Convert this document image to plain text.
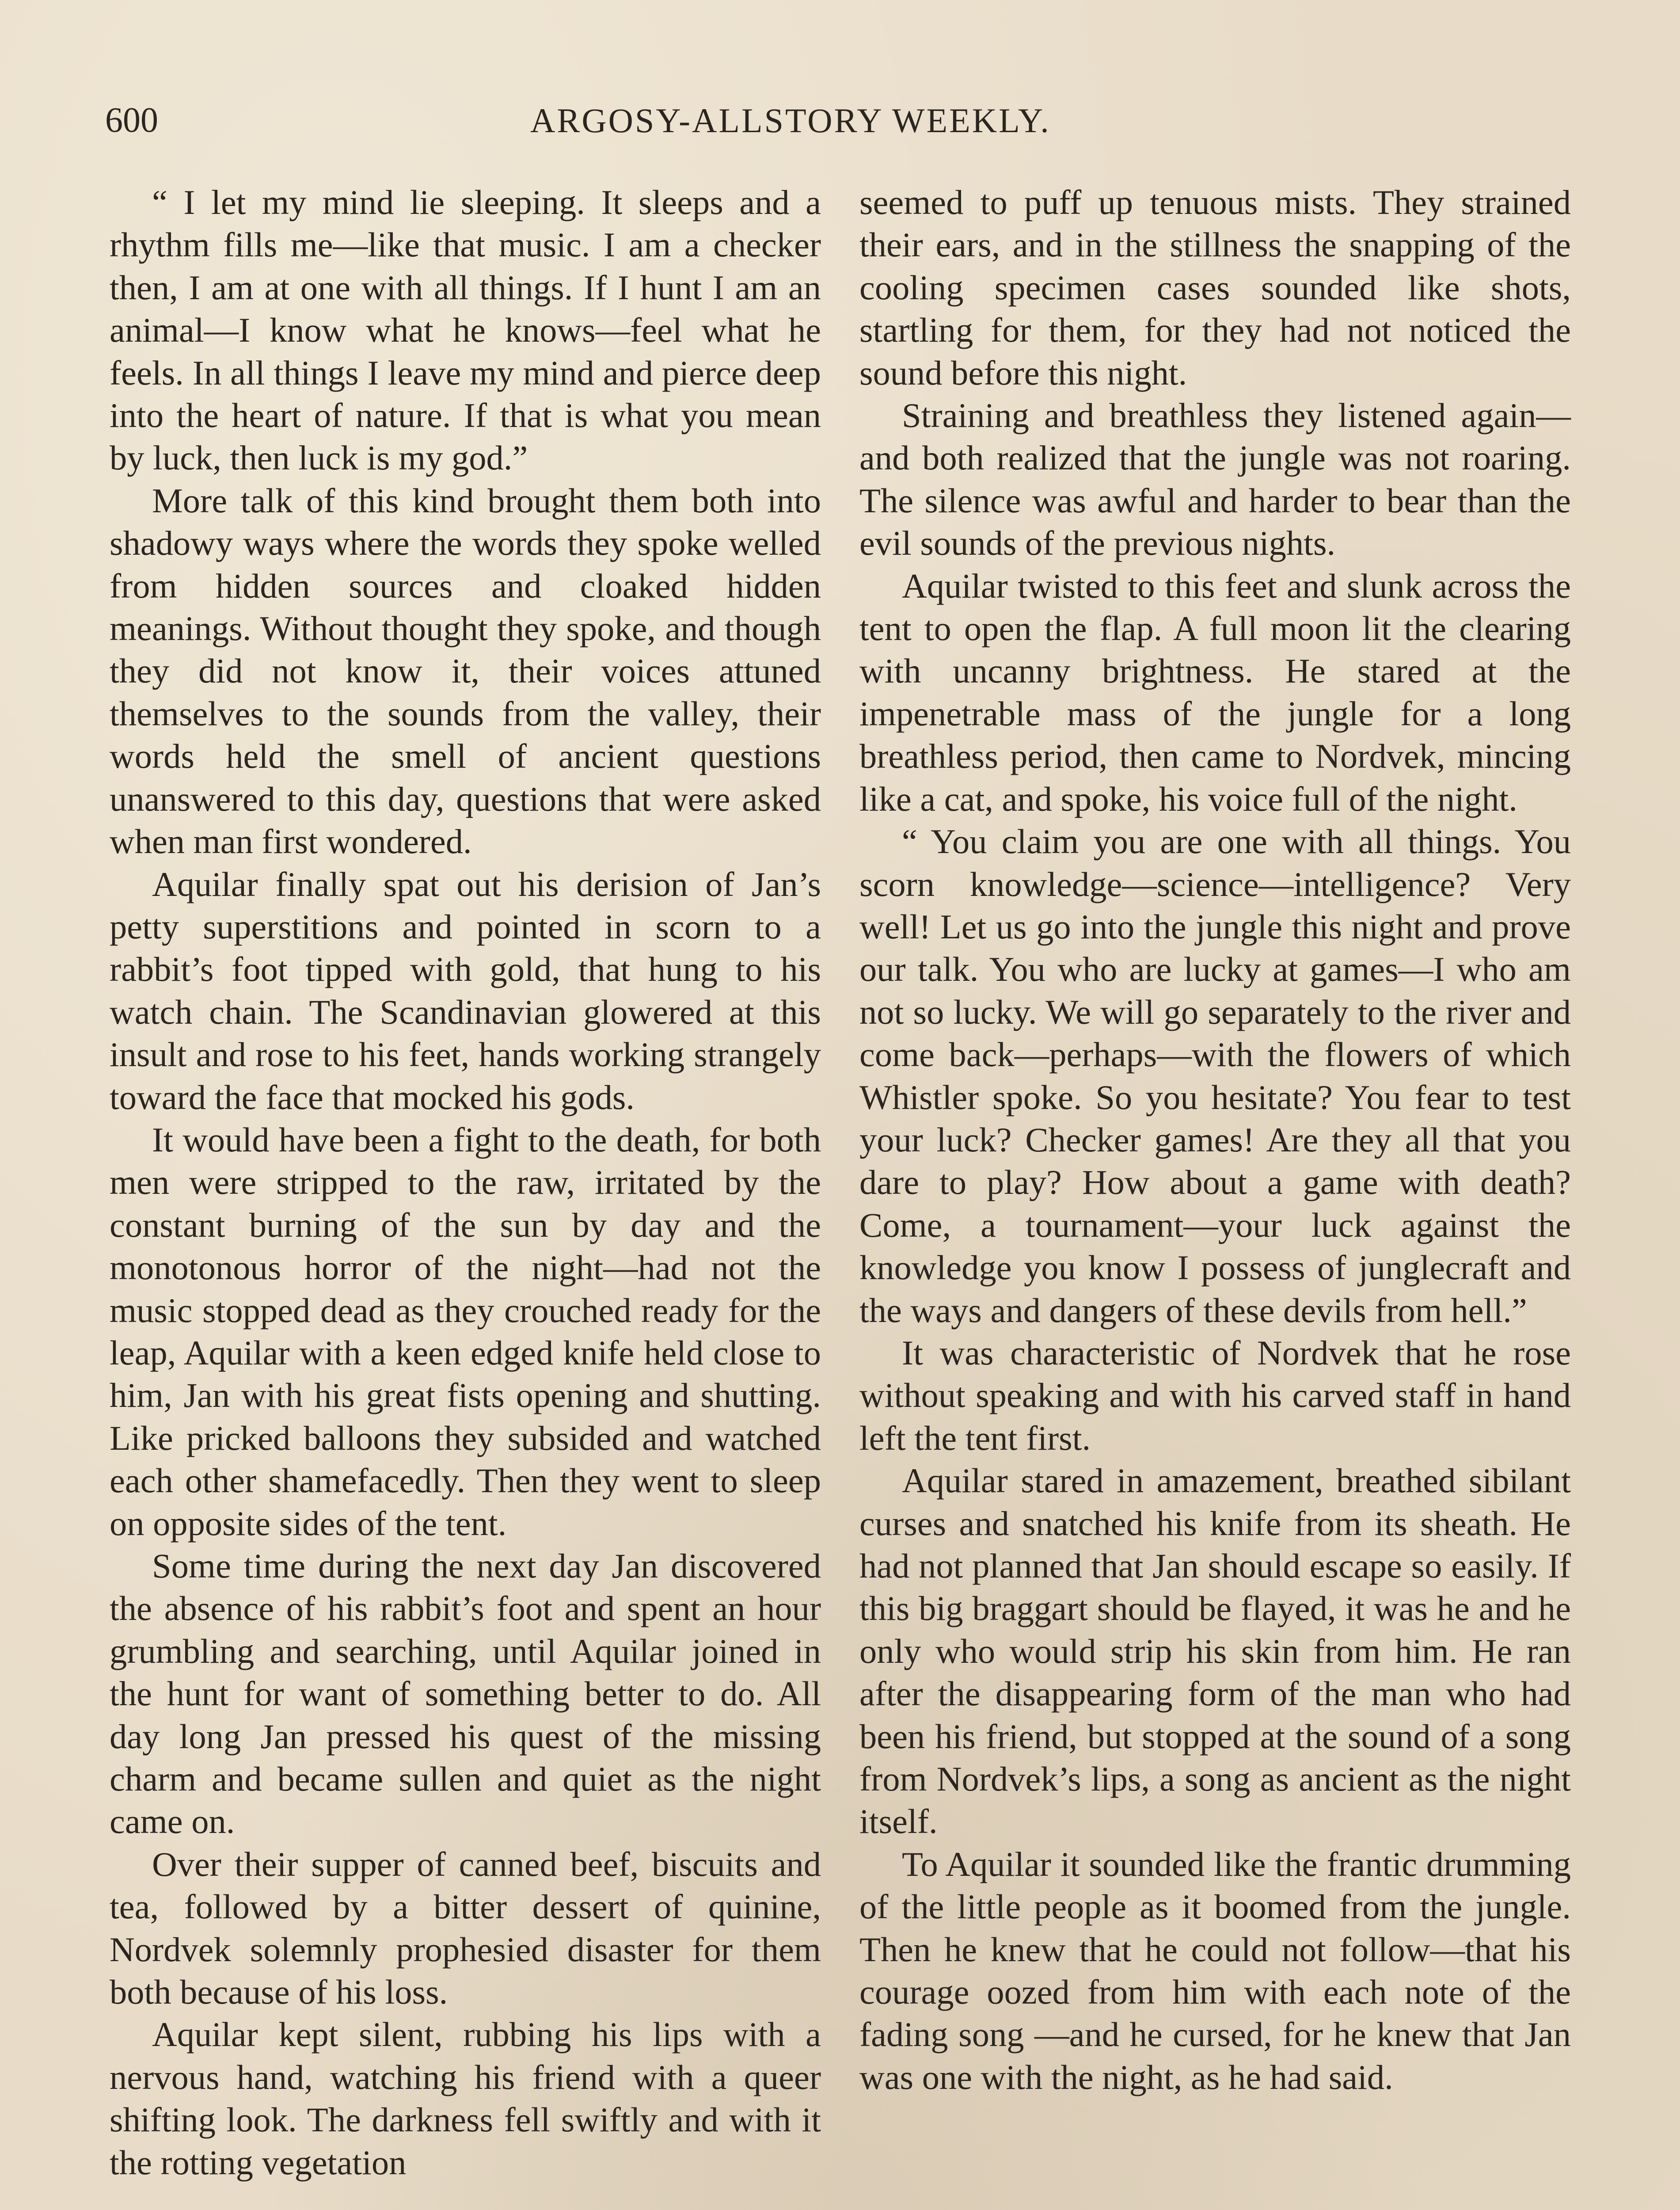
600	ARGOSY-ALLSTORY WEEKLY.

“ I let my mind lie sleeping. It sleeps and a rhythm fills me—like that music. I am a checker then, I am at one with all things. If I hunt I am an animal—I know what he knows—feel what he feels. In all things I leave my mind and pierce deep into the heart of nature. If that is what you mean by luck, then luck is my god.”

More talk of this kind brought them both into shadowy ways where the words they spoke welled from hidden sources and cloaked hidden meanings. Without thought they spoke, and though they did not know it, their voices attuned themselves to the sounds from the valley, their words held the smell of ancient questions unanswered to this day, questions that were asked when man first wondered.

Aquilar finally spat out his derision of Jan’s petty superstitions and pointed in scorn to a rabbit’s foot tipped with gold, that hung to his watch chain. The Scandinavian glowered at this insult and rose to his feet, hands working strangely toward the face that mocked his gods.

It would have been a fight to the death, for both men were stripped to the raw, irritated by the constant burning of the sun by day and the monotonous horror of the night—had not the music stopped dead as they crouched ready for the leap, Aquilar with a keen edged knife held close to him, Jan with his great fists opening and shutting. Like pricked balloons they subsided and watched each other shamefacedly. Then they went to sleep on opposite sides of the tent.

Some time during the next day Jan discovered the absence of his rabbit’s foot and spent an hour grumbling and searching, until Aquilar joined in the hunt for want of something better to do. All day long Jan pressed his quest of the missing charm and became sullen and quiet as the night came on.

Over their supper of canned beef, biscuits and tea, followed by a bitter dessert of quinine, Nordvek solemnly prophesied disaster for them both because of his loss.

Aquilar kept silent, rubbing his lips with a nervous hand, watching his friend with a queer shifting look. The darkness fell swiftly and with it the rotting vegetation

seemed to puff up tenuous mists. They strained their ears, and in the stillness the snapping of the cooling specimen cases sounded like shots, startling for them, for they had not noticed the sound before this night.

Straining and breathless they listened again—and both realized that the jungle was not roaring. The silence was awful and harder to bear than the evil sounds of the previous nights.

Aquilar twisted to this feet and slunk across the tent to open the flap. A full moon lit the clearing with uncanny brightness. He stared at the impenetrable mass of the jungle for a long breathless period, then came to Nordvek, mincing like a cat, and spoke, his voice full of the night.

“ You claim you are one with all things. You scorn knowledge—science—intelligence? Very well! Let us go into the jungle this night and prove our talk. You who are lucky at games—I who am not so lucky. We will go separately to the river and come back—perhaps—with the flowers of which Whistler spoke. So you hesitate? You fear to test your luck? Checker games! Are they all that you dare to play? How about a game with death? Come, a tournament—your luck against the knowledge you know I possess of junglecraft and the ways and dangers of these devils from hell.”

It was characteristic of Nordvek that he rose without speaking and with his carved staff in hand left the tent first.

Aquilar stared in amazement, breathed sibilant curses and snatched his knife from its sheath. He had not planned that Jan should escape so easily. If this big braggart should be flayed, it was he and he only who would strip his skin from him. He ran after the disappearing form of the man who had been his friend, but stopped at the sound of a song from Nordvek’s lips, a song as ancient as the night itself.

To Aquilar it sounded like the frantic drumming of the little people as it boomed from the jungle. Then he knew that he could not follow—that his courage oozed from him with each note of the fading song —and he cursed, for he knew that Jan was one with the night, as he had said.
